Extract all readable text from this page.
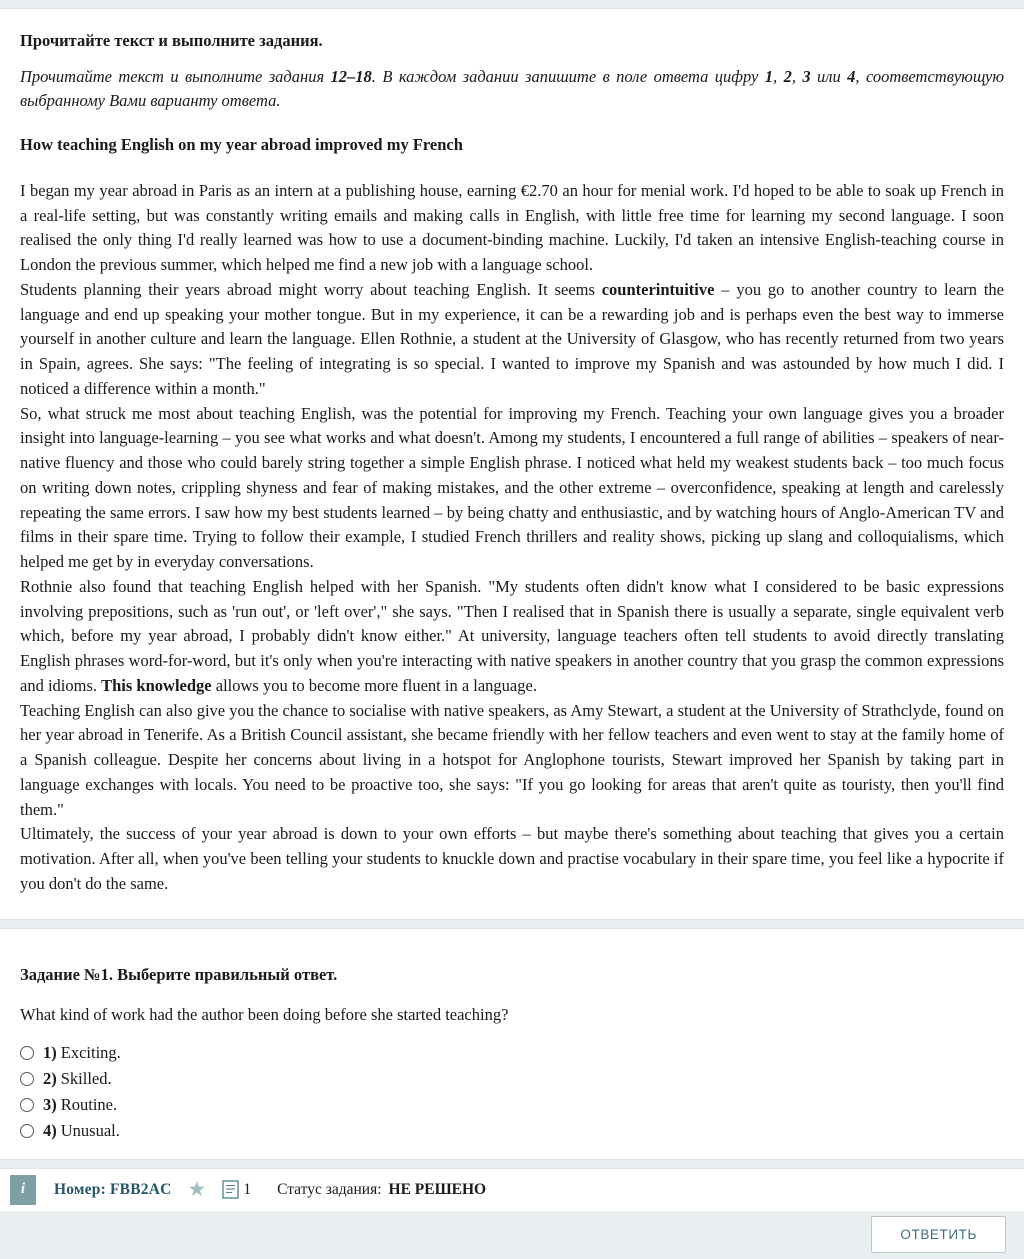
Прочитайте текст и выполните задания.

Прочитайте текст и выполните задания 12–18. В каждом задании запишите в поле ответа цифру 1, 2, 3 или 4, соответствующую выбранному Вами варианту ответа.

How teaching English on my year abroad improved my French

I began my year abroad in Paris as an intern at a publishing house, earning €2.70 an hour for menial work. I'd hoped to be able to soak up French in a real-life setting, but was constantly writing emails and making calls in English, with little free time for learning my second language. I soon realised the only thing I'd really learned was how to use a document-binding machine. Luckily, I'd taken an intensive English-teaching course in London the previous summer, which helped me find a new job with a language school.

Students planning their years abroad might worry about teaching English. It seems counterintuitive – you go to another country to learn the language and end up speaking your mother tongue. But in my experience, it can be a rewarding job and is perhaps even the best way to immerse yourself in another culture and learn the language. Ellen Rothnie, a student at the University of Glasgow, who has recently returned from two years in Spain, agrees. She says: "The feeling of integrating is so special. I wanted to improve my Spanish and was astounded by how much I did. I noticed a difference within a month."

So, what struck me most about teaching English, was the potential for improving my French. Teaching your own language gives you a broader insight into language-learning – you see what works and what doesn't. Among my students, I encountered a full range of abilities – speakers of near-native fluency and those who could barely string together a simple English phrase. I noticed what held my weakest students back – too much focus on writing down notes, crippling shyness and fear of making mistakes, and the other extreme – overconfidence, speaking at length and carelessly repeating the same errors. I saw how my best students learned – by being chatty and enthusiastic, and by watching hours of Anglo-American TV and films in their spare time. Trying to follow their example, I studied French thrillers and reality shows, picking up slang and colloquialisms, which helped me get by in everyday conversations.

Rothnie also found that teaching English helped with her Spanish. "My students often didn't know what I considered to be basic expressions involving prepositions, such as 'run out', or 'left over'," she says. "Then I realised that in Spanish there is usually a separate, single equivalent verb which, before my year abroad, I probably didn't know either." At university, language teachers often tell students to avoid directly translating English phrases word-for-word, but it's only when you're interacting with native speakers in another country that you grasp the common expressions and idioms. This knowledge allows you to become more fluent in a language.

Teaching English can also give you the chance to socialise with native speakers, as Amy Stewart, a student at the University of Strathclyde, found on her year abroad in Tenerife. As a British Council assistant, she became friendly with her fellow teachers and even went to stay at the family home of a Spanish colleague. Despite her concerns about living in a hotspot for Anglophone tourists, Stewart improved her Spanish by taking part in language exchanges with locals. You need to be proactive too, she says: "If you go looking for areas that aren't quite as touristy, then you'll find them."

Ultimately, the success of your year abroad is down to your own efforts – but maybe there's something about teaching that gives you a certain motivation. After all, when you've been telling your students to knuckle down and practise vocabulary in their spare time, you feel like a hypocrite if you don't do the same.

Задание №1. Выберите правильный ответ.
What kind of work had the author been doing before she started teaching?
1) Exciting.
2) Skilled.
3) Routine.
4) Unusual.
i	Номер: FBB2AC ★ 1 Статус задания: НЕ РЕШЕНО
ОТВЕТИТЬ
